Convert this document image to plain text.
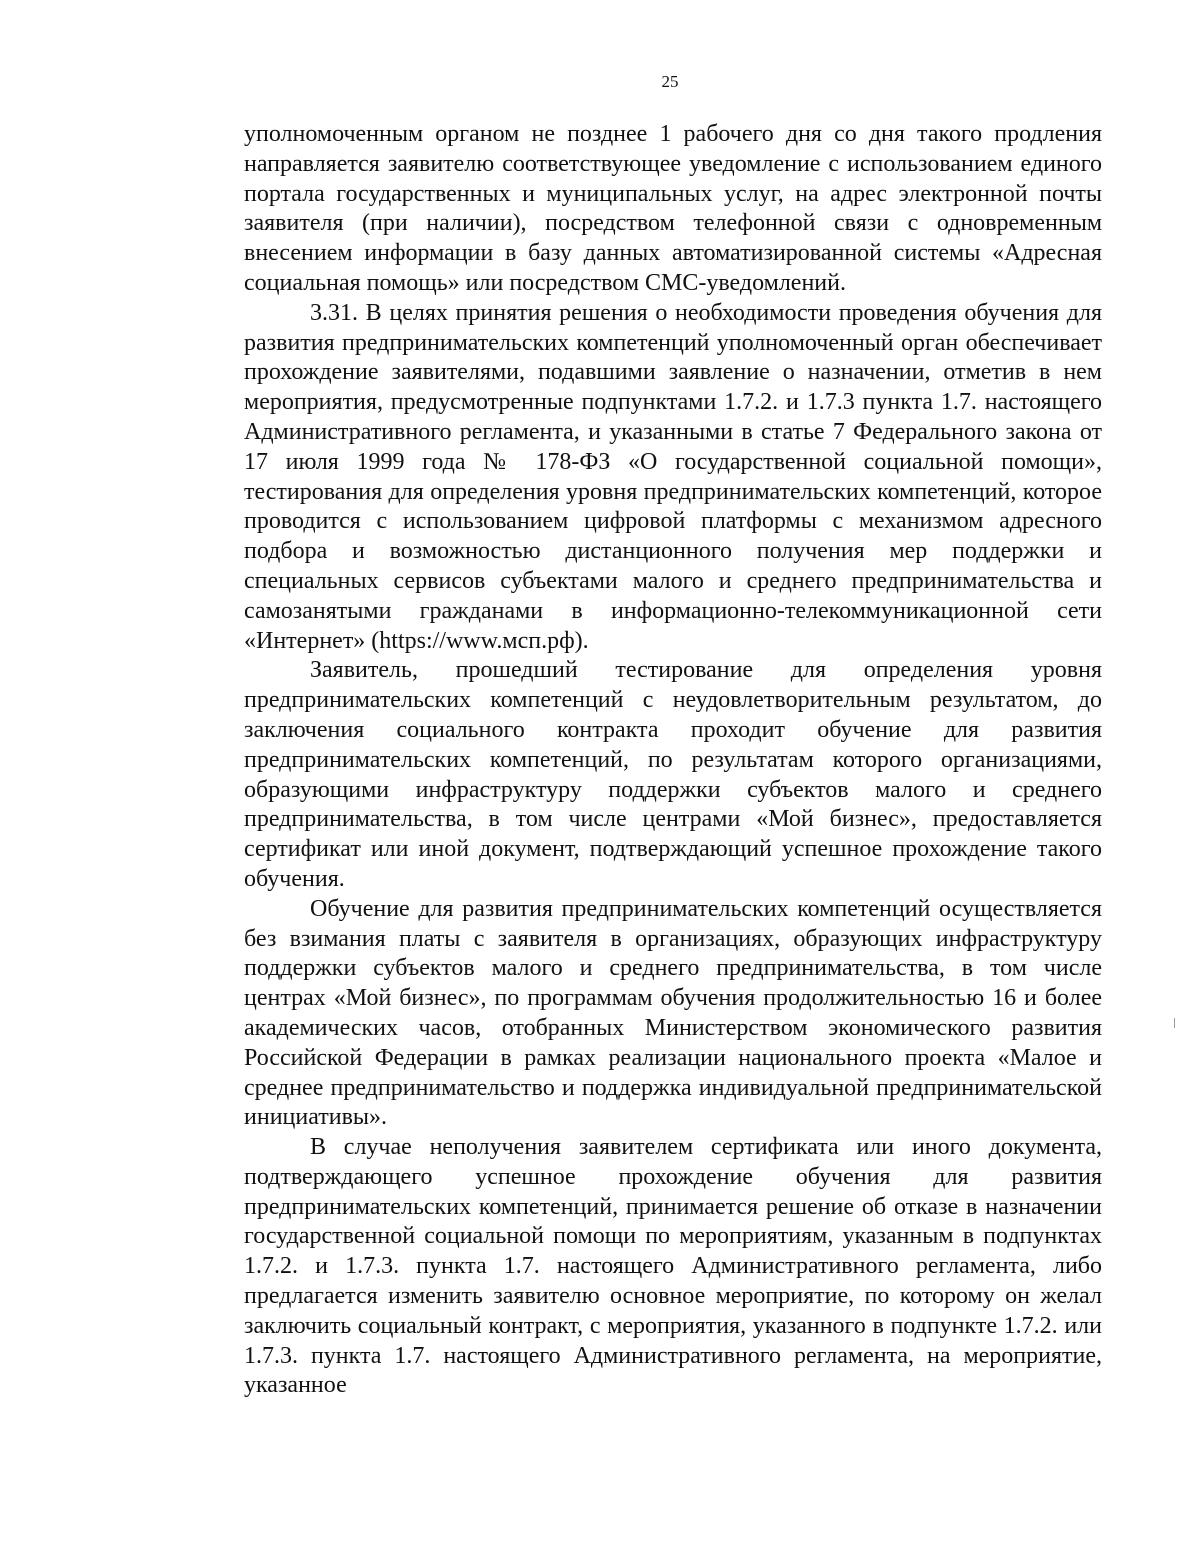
25

уполномоченным органом не позднее 1 рабочего дня со дня такого продления направляется заявителю соответствующее уведомление с использованием единого портала государственных и муниципальных услуг, на адрес электронной почты заявителя (при наличии), посредством телефонной связи с одновременным внесением информации в базу данных автоматизированной системы «Адресная социальная помощь» или посредством СМС-уведомлений.

3.31. В целях принятия решения о необходимости проведения обучения для развития предпринимательских компетенций уполномоченный орган обеспечивает прохождение заявителями, подавшими заявление о назначении, отметив в нем мероприятия, предусмотренные подпунктами 1.7.2. и 1.7.3 пункта 1.7. настоящего Административного регламента, и указанными в статье 7 Федерального закона от 17 июля 1999 года № 178-ФЗ «О государственной социальной помощи», тестирования для определения уровня предпринимательских компетенций, которое проводится с использованием цифровой платформы с механизмом адресного подбора и возможностью дистанционного получения мер поддержки и специальных сервисов субъектами малого и среднего предпринимательства и самозанятыми гражданами в информационно-телекоммуникационной сети «Интернет» (https://www.мсп.рф).

Заявитель, прошедший тестирование для определения уровня предпринимательских компетенций с неудовлетворительным результатом, до заключения социального контракта проходит обучение для развития предпринимательских компетенций, по результатам которого организациями, образующими инфраструктуру поддержки субъектов малого и среднего предпринимательства, в том числе центрами «Мой бизнес», предоставляется сертификат или иной документ, подтверждающий успешное прохождение такого обучения.

Обучение для развития предпринимательских компетенций осуществляется без взимания платы с заявителя в организациях, образующих инфраструктуру поддержки субъектов малого и среднего предпринимательства, в том числе центрах «Мой бизнес», по программам обучения продолжительностью 16 и более академических часов, отобранных Министерством экономического развития Российской Федерации в рамках реализации национального проекта «Малое и среднее предпринимательство и поддержка индивидуальной предпринимательской инициативы».

В случае неполучения заявителем сертификата или иного документа, подтверждающего успешное прохождение обучения для развития предпринимательских компетенций, принимается решение об отказе в назначении государственной социальной помощи по мероприятиям, указанным в подпунктах 1.7.2. и 1.7.3. пункта 1.7. настоящего Административного регламента, либо предлагается изменить заявителю основное мероприятие, по которому он желал заключить социальный контракт, с мероприятия, указанного в подпункте 1.7.2. или 1.7.3. пункта 1.7. настоящего Административного регламента, на мероприятие, указанное
